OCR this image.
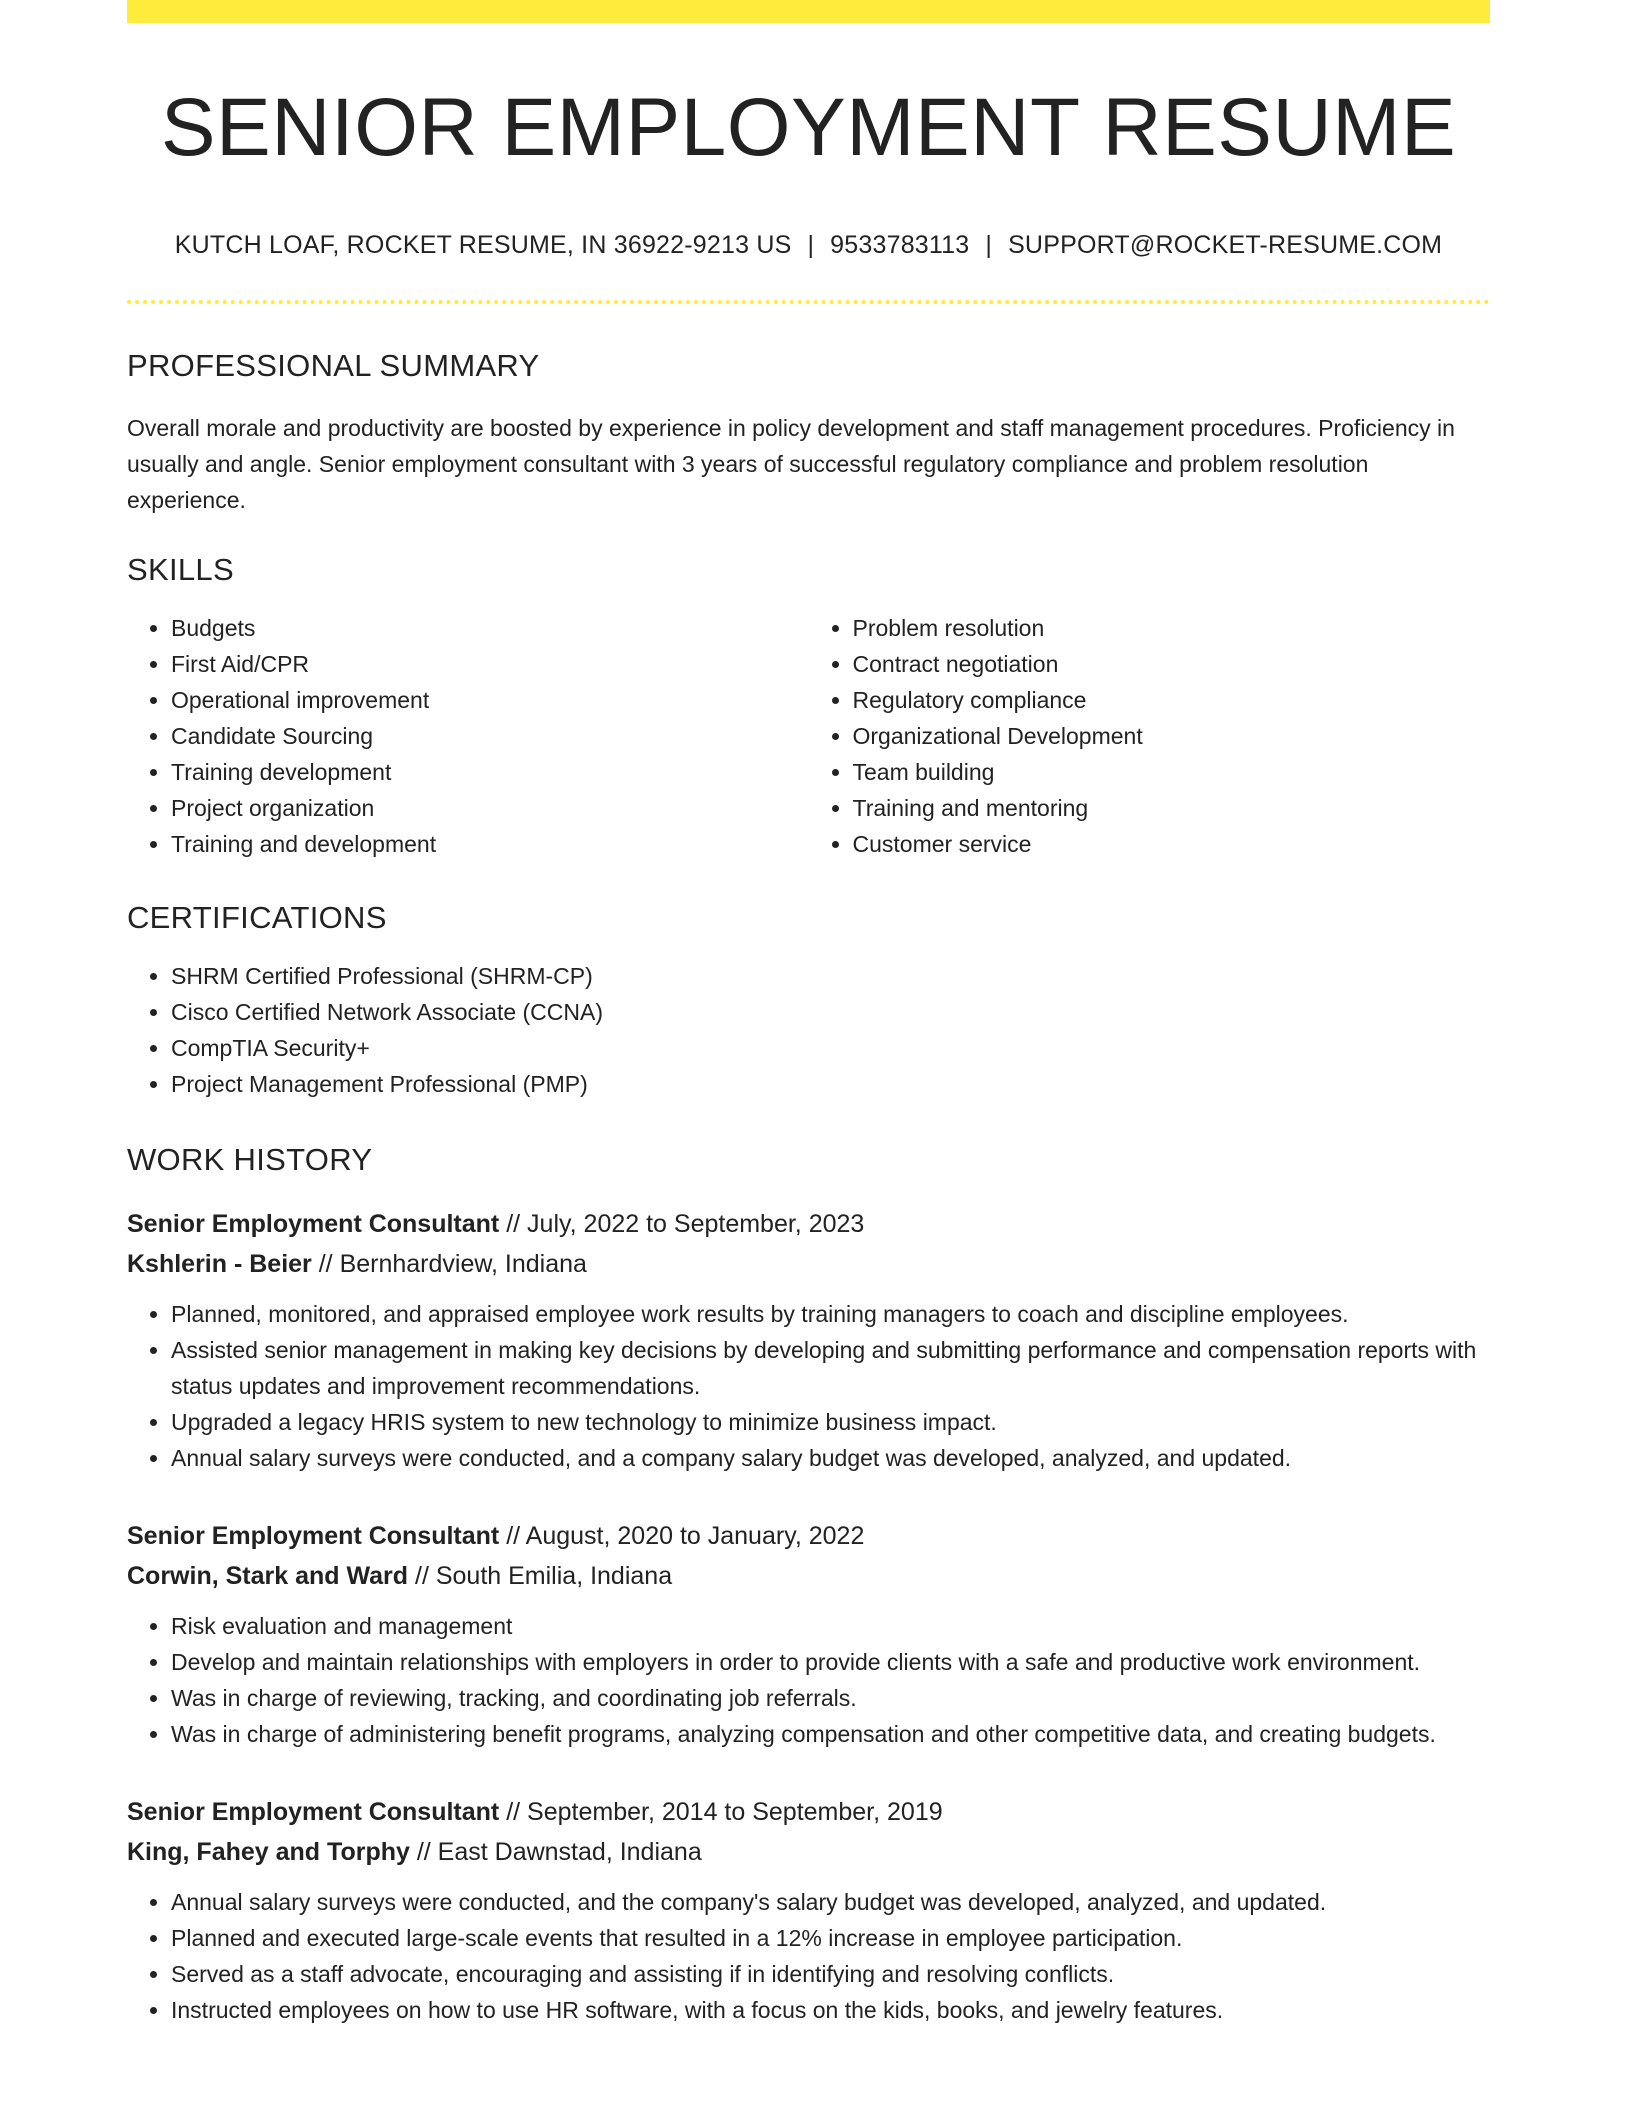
SENIOR EMPLOYMENT RESUME
KUTCH LOAF, ROCKET RESUME, IN 36922-9213 US | 9533783113 | SUPPORT@ROCKET-RESUME.COM
PROFESSIONAL SUMMARY

Overall morale and productivity are boosted by experience in policy development and staff management procedures. Proficiency in usually and angle. Senior employment consultant with 3 years of successful regulatory compliance and problem resolution experience.

SKILLS
• Budgets
• First Aid/CPR
• Operational improvement
• Candidate Sourcing
• Training development
• Project organization
• Training and development
• Problem resolution
• Contract negotiation
• Regulatory compliance
• Organizational Development
• Team building
• Training and mentoring
• Customer service
CERTIFICATIONS
• SHRM Certified Professional (SHRM-CP)
• Cisco Certified Network Associate (CCNA)
• CompTIA Security+
• Project Management Professional (PMP)
WORK HISTORY
Senior Employment Consultant // July, 2022 to September, 2023
Kshlerin - Beier // Bernhardview, Indiana
• Planned, monitored, and appraised employee work results by training managers to coach and discipline employees.
• Assisted senior management in making key decisions by developing and submitting performance and compensation reports with status updates and improvement recommendations.
• Upgraded a legacy HRIS system to new technology to minimize business impact.
• Annual salary surveys were conducted, and a company salary budget was developed, analyzed, and updated.
Senior Employment Consultant // August, 2020 to January, 2022
Corwin, Stark and Ward // South Emilia, Indiana
• Risk evaluation and management
• Develop and maintain relationships with employers in order to provide clients with a safe and productive work environment.
• Was in charge of reviewing, tracking, and coordinating job referrals.
• Was in charge of administering benefit programs, analyzing compensation and other competitive data, and creating budgets.
Senior Employment Consultant // September, 2014 to September, 2019
King, Fahey and Torphy // East Dawnstad, Indiana
• Annual salary surveys were conducted, and the company's salary budget was developed, analyzed, and updated.
• Planned and executed large-scale events that resulted in a 12% increase in employee participation.
• Served as a staff advocate, encouraging and assisting if in identifying and resolving conflicts.
• Instructed employees on how to use HR software, with a focus on the kids, books, and jewelry features.
